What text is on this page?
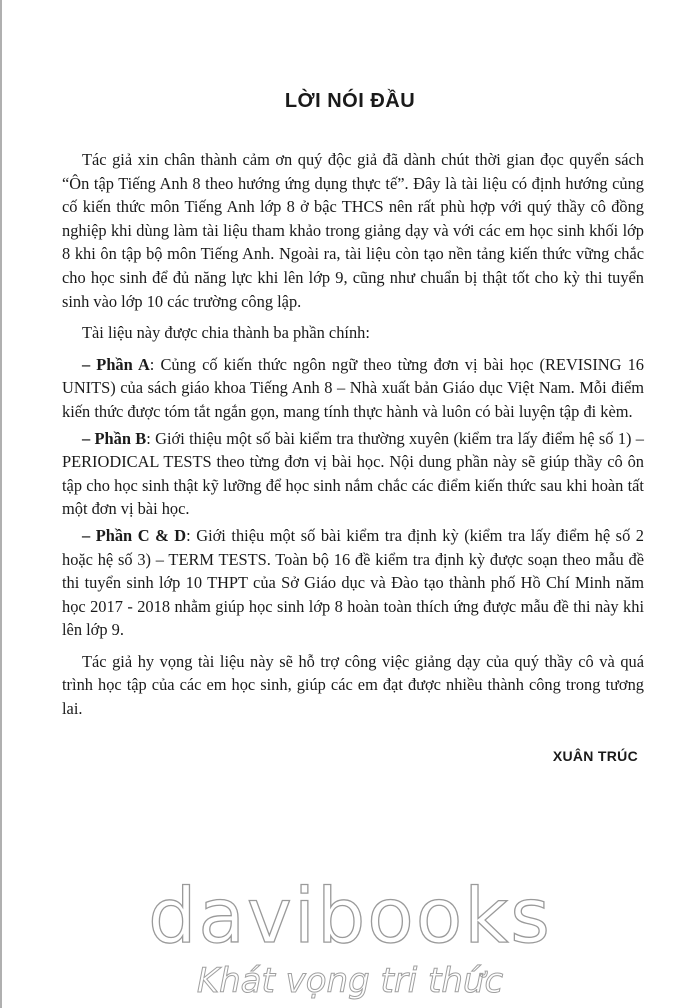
LỜI NÓI ĐẦU

Tác giả xin chân thành cảm ơn quý độc giả đã dành chút thời gian đọc quyển sách “Ôn tập Tiếng Anh 8 theo hướng ứng dụng thực tế”. Đây là tài liệu có định hướng củng cố kiến thức môn Tiếng Anh lớp 8 ở bậc THCS nên rất phù hợp với quý thầy cô đồng nghiệp khi dùng làm tài liệu tham khảo trong giảng dạy và với các em học sinh khối lớp 8 khi ôn tập bộ môn Tiếng Anh. Ngoài ra, tài liệu còn tạo nền tảng kiến thức vững chắc cho học sinh để đủ năng lực khi lên lớp 9, cũng như chuẩn bị thật tốt cho kỳ thi tuyển sinh vào lớp 10 các trường công lập.

Tài liệu này được chia thành ba phần chính:

– Phần A: Củng cố kiến thức ngôn ngữ theo từng đơn vị bài học (REVISING 16 UNITS) của sách giáo khoa Tiếng Anh 8 – Nhà xuất bản Giáo dục Việt Nam. Mỗi điểm kiến thức được tóm tắt ngắn gọn, mang tính thực hành và luôn có bài luyện tập đi kèm.

– Phần B: Giới thiệu một số bài kiểm tra thường xuyên (kiểm tra lấy điểm hệ số 1) – PERIODICAL TESTS theo từng đơn vị bài học. Nội dung phần này sẽ giúp thầy cô ôn tập cho học sinh thật kỹ lưỡng để học sinh nắm chắc các điểm kiến thức sau khi hoàn tất một đơn vị bài học.

– Phần C & D: Giới thiệu một số bài kiểm tra định kỳ (kiểm tra lấy điểm hệ số 2 hoặc hệ số 3) – TERM TESTS. Toàn bộ 16 đề kiểm tra định kỳ được soạn theo mẫu đề thi tuyển sinh lớp 10 THPT của Sở Giáo dục và Đào tạo thành phố Hồ Chí Minh năm học 2017 - 2018 nhằm giúp học sinh lớp 8 hoàn toàn thích ứng được mẫu đề thi này khi lên lớp 9.

Tác giả hy vọng tài liệu này sẽ hỗ trợ công việc giảng dạy của quý thầy cô và quá trình học tập của các em học sinh, giúp các em đạt được nhiều thành công trong tương lai.

XUÂN TRÚC
davibooks
Khát vọng tri thức
